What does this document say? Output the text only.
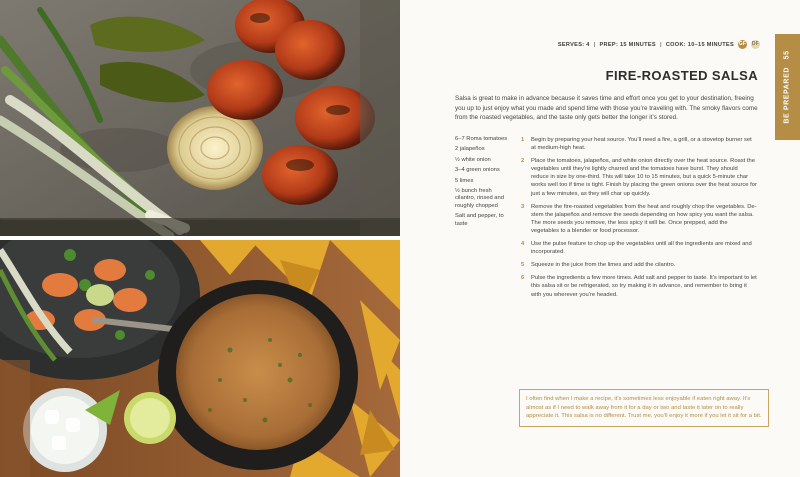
BE PREPARED   55
SERVES: 4 | PREP: 15 MINUTES | COOK: 10–15 MINUTES GF DF
FIRE-ROASTED SALSA

Salsa is great to make in advance because it saves time and effort once you get to your destination, freeing you up to just enjoy what you made and spend time with those you’re traveling with. The smoky flavors come from the roasted vegetables, and the taste only gets better the longer it’s stored.

6–7 Roma tomatoes
2 jalapeños
½ white onion
3–4 green onions
5 limes
½ bunch fresh cilantro, rinsed and roughly chopped
Salt and pepper, to taste
1 Begin by preparing your heat source. You’ll need a fire, a grill, or a stovetop burner set at medium-high heat.
2 Place the tomatoes, jalapeños, and white onion directly over the heat source. Roast the vegetables until they’re lightly charred and the tomatoes have burst. They should reduce in size by one-third. This will take 10 to 15 minutes, but a quick 5-minute char works well too if time is tight. Finish by placing the green onions over the heat source for just a few minutes, as they will char up quickly.
3 Remove the fire-roasted vegetables from the heat and roughly chop the vegetables. De-stem the jalapeños and remove the seeds depending on how spicy you want the salsa. The more seeds you remove, the less spicy it will be. Once prepped, add the vegetables to a blender or food processor.
4 Use the pulse feature to chop up the vegetables until all the ingredients are mixed and incorporated.
5 Squeeze in the juice from the limes and add the cilantro.
6 Pulse the ingredients a few more times. Add salt and pepper to taste. It’s important to let this salsa sit or be refrigerated, so try making it in advance, and remember to bring it with you wherever you’re headed.
I often find when I make a recipe, it’s sometimes less enjoyable if eaten right away. It’s almost as if I need to walk away from it for a day or two and taste it later on to really appreciate it. This salsa is no different. Trust me, you’ll enjoy it more if you let it sit for a bit.
